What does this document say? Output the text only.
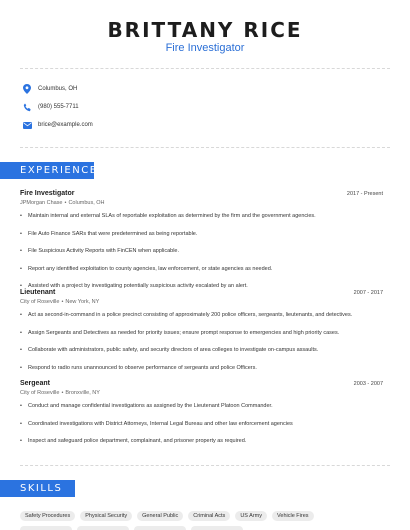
BRITTANY RICE
Fire Investigator
Columbus, OH
(980) 555-7711
brice@example.com
EXPERIENCE
Fire Investigator	2017 - Present
JPMorgan Chase • Columbus, OH
• Maintain internal and external SLAs of reportable exploitation as determined by the firm and the government agencies.
• File Auto Finance SARs that were predetermined as being reportable.
• File Suspicious Activity Reports with FinCEN when applicable.
• Report any identified exploitation to county agencies, law enforcement, or state agencies as needed.
• Assisted with a project by investigating potentially suspicious activity escalated by an alert.
Lieutenant	2007 - 2017
City of Roseville • New York, NY
• Act as second-in-command in a police precinct consisting of approximately 200 police officers, sergeants, lieutenants, and detectives.
• Assign Sergeants and Detectives as needed for priority issues; ensure prompt response to emergencies and high priority cases.
• Collaborate with administrators, public safety, and security directors of area colleges to investigate on-campus assaults.
• Respond to radio runs unannounced to observe performance of sergeants and police Officers.
Sergeant	2003 - 2007
City of Roseville • Bronxville, NY
• Conduct and manage confidential investigations as assigned by the Lieutenant Platoon Commander.
• Coordinated investigations with District Attorneys, Internal Legal Bureau and other law enforcement agencies
• Inspect and safeguard police department, complainant, and prisoner property as required.
SKILLS
Safety Procedures	Physical Security	General Public	Criminal Acts	US Army	Vehicle Fires
